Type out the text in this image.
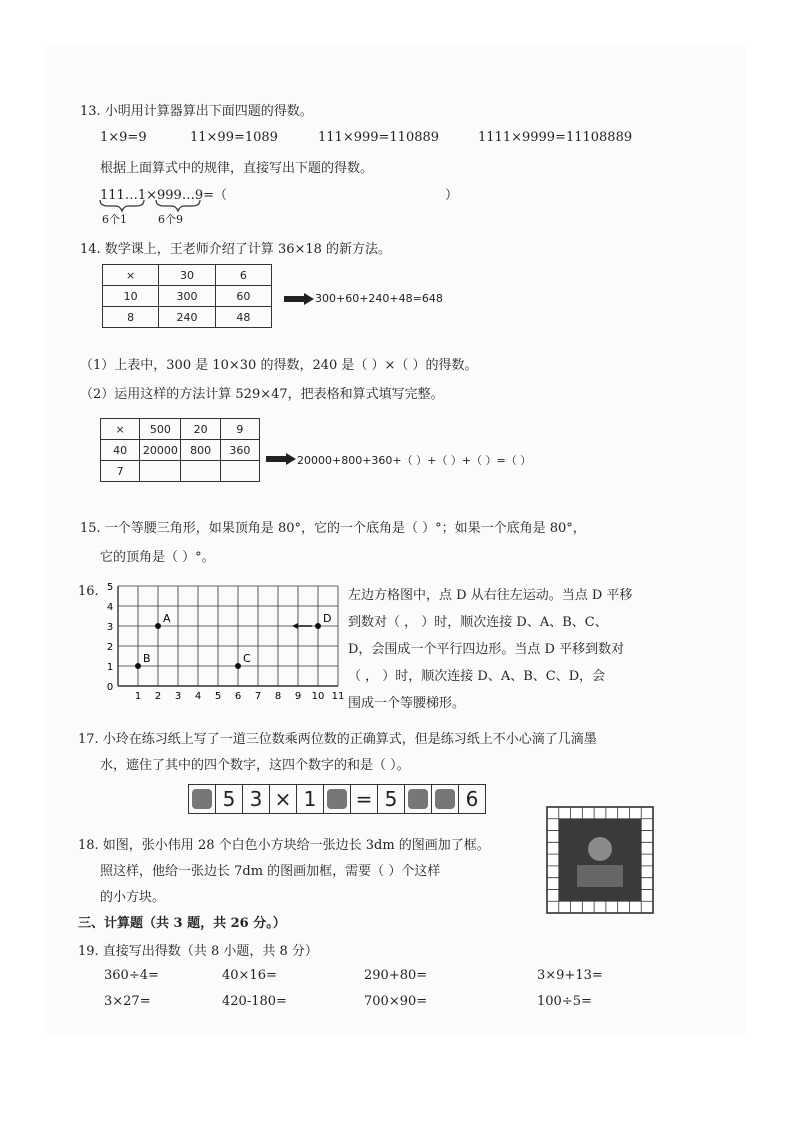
13. 小明用计算器算出下面四题的得数。
1×9=9	11×99=1089	111×999=110889	1111×9999=11108889
根据上面算式中的规律，直接写出下题的得数。
111…1×999…9=（	）
6个1	6个9
14. 数学课上，王老师介绍了计算 36×18 的新方法。
×	30	6
10	300	60
8	240	48
300+60+240+48=648
（1）上表中，300 是 10×30 的得数，240 是（ ）×（ ）的得数。
（2）运用这样的方法计算 529×47，把表格和算式填写完整。
×	500	20	9
40	20000	800	360
7			
20000+800+360+（ ）+（ ）+（ ）=（ ）
15. 一个等腰三角形，如果顶角是 80°，它的一个底角是（ ）°；如果一个底角是 80°，
它的顶角是（ ）°。
16.
1 2 3 4 5 6 7 8 9 10 11
0
1
2
3
4
5
A
B	C
D
左边方格图中，点 D 从右往左运动。当点 D 平移
到数对（ ， ）时，顺次连接 D、A、B、C、
D，会围成一个平行四边形。当点 D 平移到数对
（ ， ）时，顺次连接 D、A、B、C、D，会
围成一个等腰梯形。
17. 小玲在练习纸上写了一道三位数乘两位数的正确算式，但是练习纸上不小心滴了几滴墨
水，遮住了其中的四个数字，这四个数字的和是（ ）。
5 3 × 1	= 5	6
18. 如图，张小伟用 28 个白色小方块给一张边长 3dm 的图画加了框。
照这样，他给一张边长 7dm 的图画加框，需要（ ）个这样
的小方块。
三、计算题（共 3 题，共 26 分。）
19. 直接写出得数（共 8 小题，共 8 分）
360÷4=	40×16=	290+80=	3×9+13=
3×27=	420-180=	700×90=	100÷5=
